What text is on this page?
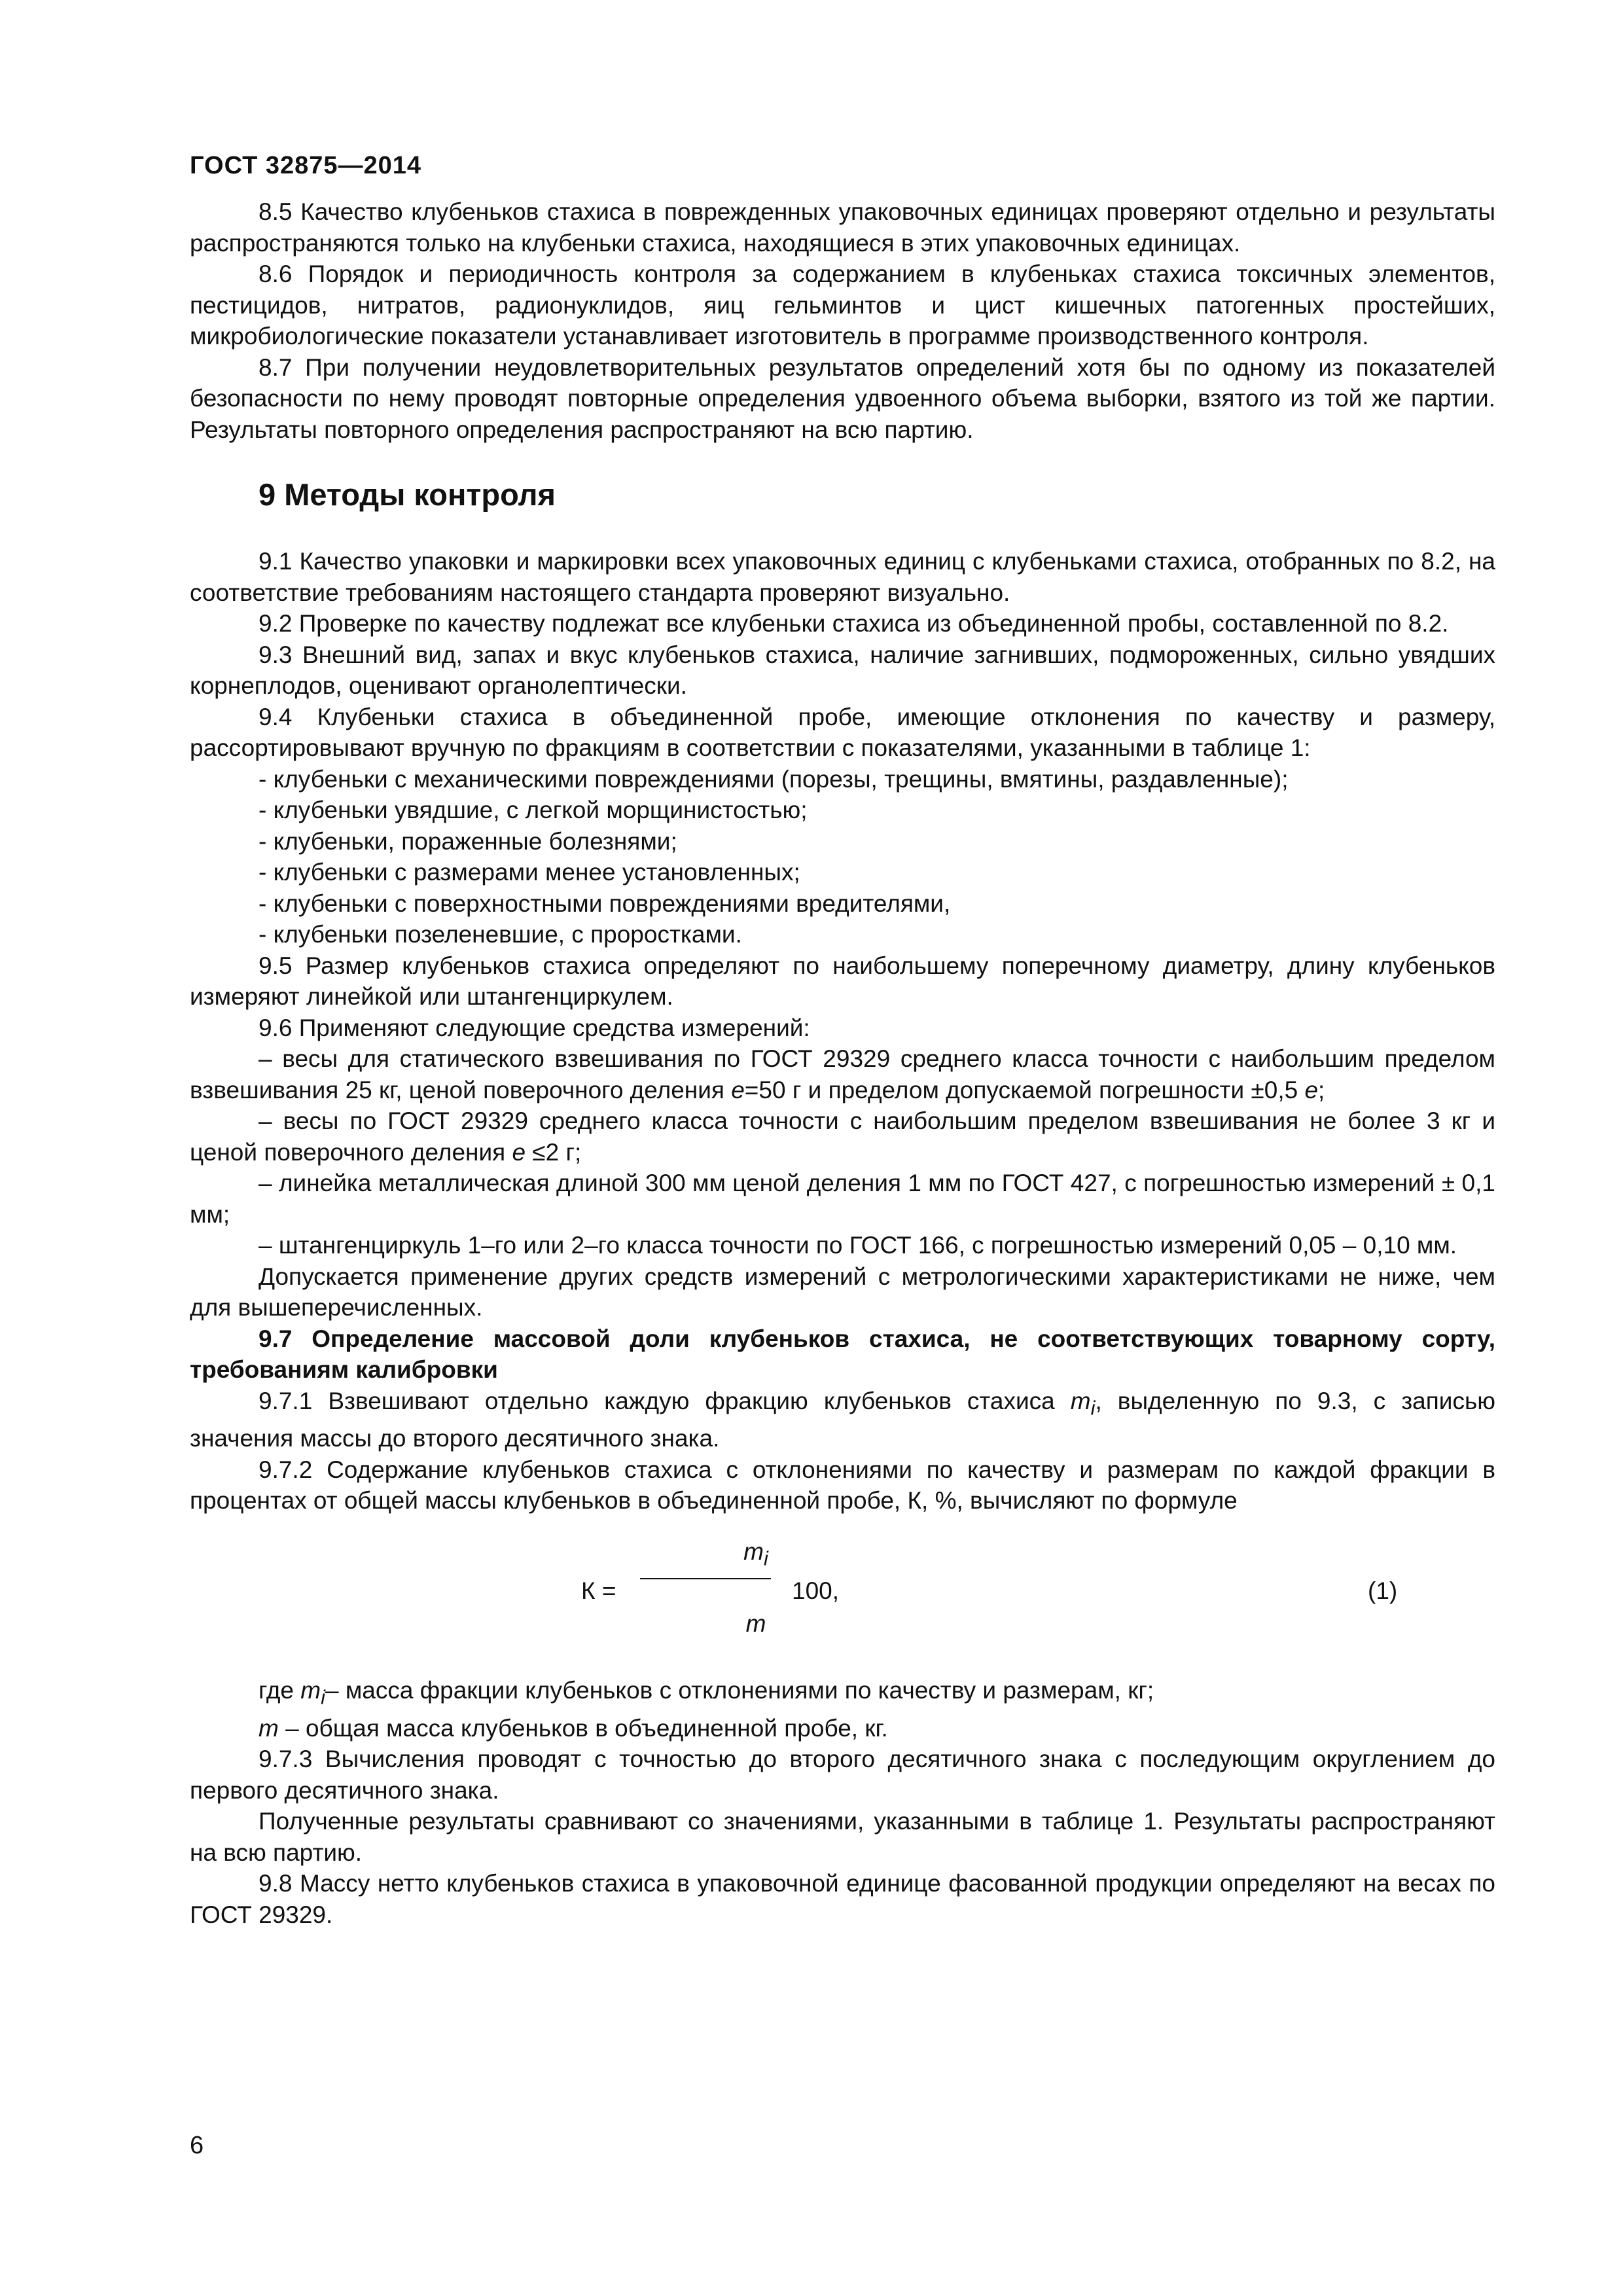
ГОСТ 32875—2014

8.5 Качество клубеньков стахиса в поврежденных упаковочных единицах проверяют отдельно и результаты распространяются только на клубеньки стахиса, находящиеся в этих упаковочных единицах.

8.6 Порядок и периодичность контроля за содержанием в клубеньках стахиса токсичных элементов, пестицидов, нитратов, радионуклидов, яиц гельминтов и цист кишечных патогенных простейших, микробиологические показатели устанавливает изготовитель в программе производственного контроля.

8.7 При получении неудовлетворительных результатов определений хотя бы по одному из показателей безопасности по нему проводят повторные определения удвоенного объема выборки, взятого из той же партии. Результаты повторного определения распространяют на всю партию.

9 Методы контроля

9.1 Качество упаковки и маркировки всех упаковочных единиц с клубеньками стахиса, отобранных по 8.2, на соответствие требованиям настоящего стандарта проверяют визуально.

9.2 Проверке по качеству подлежат все клубеньки стахиса из объединенной пробы, составленной по 8.2.

9.3 Внешний вид, запах и вкус клубеньков стахиса, наличие загнивших, подмороженных, сильно увядших корнеплодов, оценивают органолептически.

9.4 Клубеньки стахиса в объединенной пробе, имеющие отклонения по качеству и размеру, рассортировывают вручную по фракциям в соответствии с показателями, указанными в таблице 1:

- клубеньки с механическими повреждениями (порезы, трещины, вмятины, раздавленные);

- клубеньки увядшие, с легкой морщинистостью;

- клубеньки, пораженные болезнями;

- клубеньки с размерами менее установленных;

- клубеньки с поверхностными повреждениями вредителями,

- клубеньки позеленевшие, с проростками.

9.5 Размер клубеньков стахиса определяют по наибольшему поперечному диаметру, длину клубеньков измеряют линейкой или штангенциркулем.

9.6 Применяют следующие средства измерений:

– весы для статического взвешивания по ГОСТ 29329 среднего класса точности с наибольшим пределом взвешивания 25 кг, ценой поверочного деления е=50 г и пределом допускаемой погрешности ±0,5 е;

– весы по ГОСТ 29329 среднего класса точности с наибольшим пределом взвешивания не более 3 кг и ценой поверочного деления е ≤2 г;

– линейка металлическая длиной 300 мм ценой деления 1 мм по ГОСТ 427, с погрешностью измерений ± 0,1 мм;

– штангенциркуль 1–го или 2–го класса точности по ГОСТ 166, с погрешностью измерений 0,05 – 0,10 мм.

Допускается применение других средств измерений с метрологическими характеристиками не ниже, чем для вышеперечисленных.

9.7 Определение массовой доли клубеньков стахиса, не соответствующих товарному сорту, требованиям калибровки

9.7.1 Взвешивают отдельно каждую фракцию клубеньков стахиса $m_i$, выделенную по 9.3, с записью значения массы до второго десятичного знака.

9.7.2 Содержание клубеньков стахиса с отклонениями по качеству и размерам по каждой фракции в процентах от общей массы клубеньков в объединенной пробе, К, %, вычисляют по формуле

К =
$m_i$
m
100,	(1)

где $m_i-$ масса фракции клубеньков с отклонениями по качеству и размерам, кг;

m – общая масса клубеньков в объединенной пробе, кг.

9.7.3 Вычисления проводят с точностью до второго десятичного знака с последующим округлением до первого десятичного знака.

Полученные результаты сравнивают со значениями, указанными в таблице 1. Результаты распространяют на всю партию.

9.8 Массу нетто клубеньков стахиса в упаковочной единице фасованной продукции определяют на весах по ГОСТ 29329.

6
